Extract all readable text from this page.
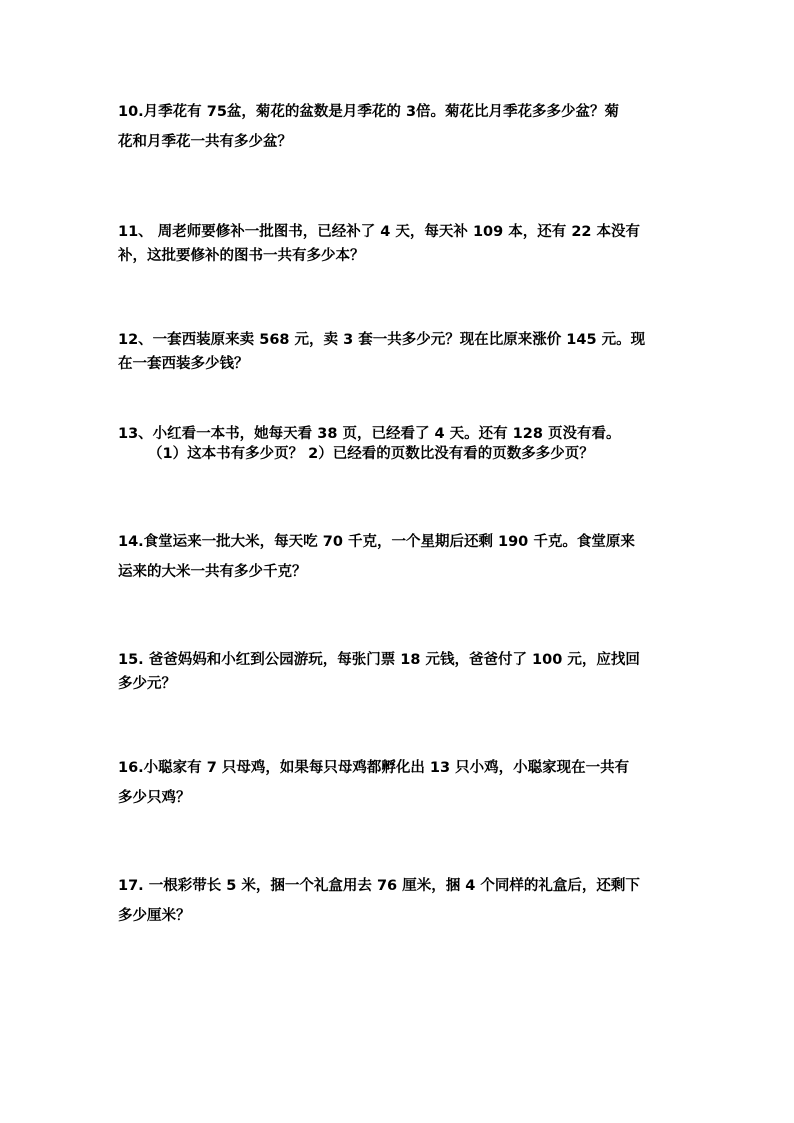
10.月季花有 75盆，菊花的盆数是月季花的 3倍。菊花比月季花多多少盆？菊
花和月季花一共有多少盆？
11、 周老师要修补一批图书，已经补了 4 天，每天补 109 本，还有 22 本没有
补，这批要修补的图书一共有多少本？
12、一套西装原来卖 568 元，卖 3 套一共多少元？现在比原来涨价 145 元。现
在一套西装多少钱？
13、小红看一本书，她每天看 38 页，已经看了 4 天。还有 128 页没有看。
（1）这本书有多少页？ 2）已经看的页数比没有看的页数多多少页？
14.食堂运来一批大米，每天吃 70 千克，一个星期后还剩 190 千克。食堂原来
运来的大米一共有多少千克？
15. 爸爸妈妈和小红到公园游玩，每张门票 18 元钱，爸爸付了 100 元，应找回
多少元？
16.小聪家有 7 只母鸡，如果每只母鸡都孵化出 13 只小鸡，小聪家现在一共有
多少只鸡？
17. 一根彩带长 5 米，捆一个礼盒用去 76 厘米，捆 4 个同样的礼盒后，还剩下
多少厘米？
